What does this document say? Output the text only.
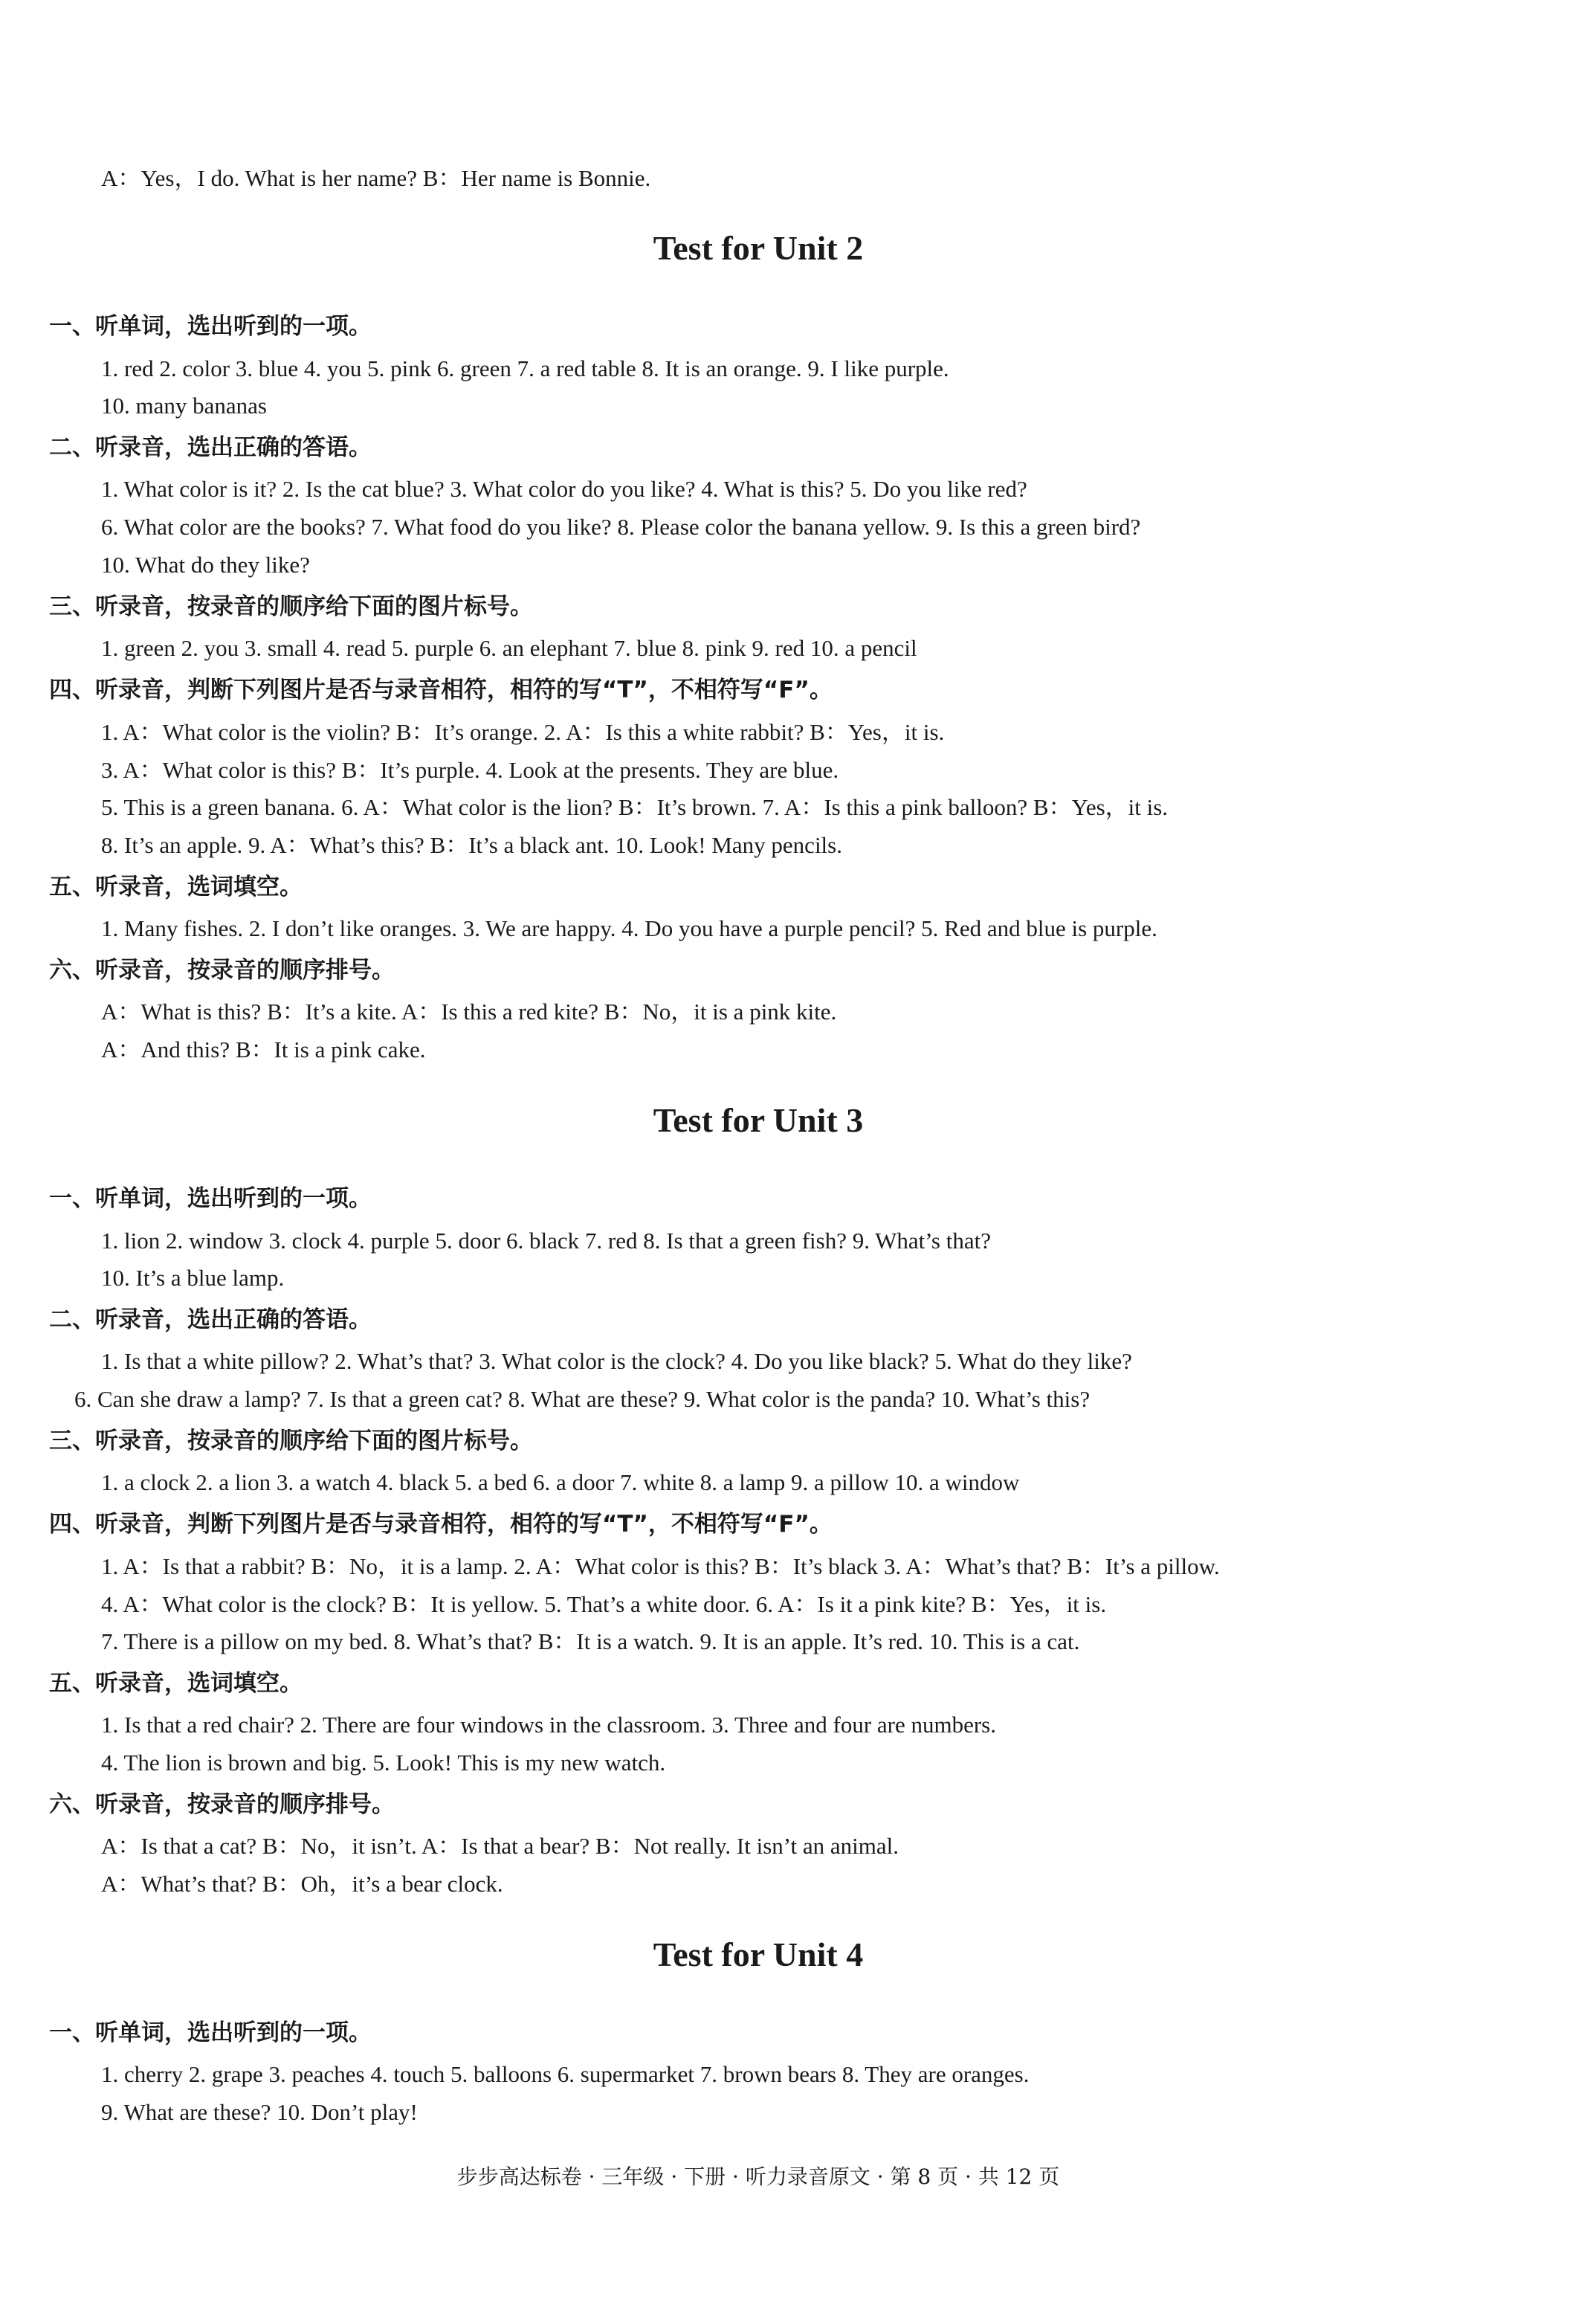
A：Yes，I do. What is her name? B：Her name is Bonnie.
Test for Unit 2
一、听单词，选出听到的一项。
1. red 2. color 3. blue 4. you 5. pink 6. green 7. a red table 8. It is an orange. 9. I like purple.
10. many bananas
二、听录音，选出正确的答语。
1. What color is it? 2. Is the cat blue? 3. What color do you like? 4. What is this? 5. Do you like red?
6. What color are the books? 7. What food do you like? 8. Please color the banana yellow. 9. Is this a green bird?
10. What do they like?
三、听录音，按录音的顺序给下面的图片标号。
1. green 2. you 3. small 4. read 5. purple 6. an elephant 7. blue 8. pink 9. red 10. a pencil
四、听录音，判断下列图片是否与录音相符，相符的写“T”，不相符写“F”。
1. A：What color is the violin? B：It’s orange. 2. A：Is this a white rabbit? B：Yes，it is.
3. A：What color is this? B：It’s purple. 4. Look at the presents. They are blue.
5. This is a green banana. 6. A：What color is the lion? B：It’s brown. 7. A：Is this a pink balloon? B：Yes，it is.
8. It’s an apple. 9. A：What’s this? B：It’s a black ant. 10. Look! Many pencils.
五、听录音，选词填空。
1. Many fishes. 2. I don’t like oranges. 3. We are happy. 4. Do you have a purple pencil? 5. Red and blue is purple.
六、听录音，按录音的顺序排号。
A：What is this? B：It’s a kite. A：Is this a red kite? B：No，it is a pink kite.
A：And this? B：It is a pink cake.
Test for Unit 3
一、听单词，选出听到的一项。
1. lion 2. window 3. clock 4. purple 5. door 6. black 7. red 8. Is that a green fish? 9. What’s that?
10. It’s a blue lamp.
二、听录音，选出正确的答语。
1. Is that a white pillow? 2. What’s that? 3. What color is the clock? 4. Do you like black? 5. What do they like?
6. Can she draw a lamp? 7. Is that a green cat? 8. What are these? 9. What color is the panda? 10. What’s this?
三、听录音，按录音的顺序给下面的图片标号。
1. a clock 2. a lion 3. a watch 4. black 5. a bed 6. a door 7. white 8. a lamp 9. a pillow 10. a window
四、听录音，判断下列图片是否与录音相符，相符的写“T”，不相符写“F”。
1. A：Is that a rabbit? B：No，it is a lamp. 2. A：What color is this? B：It’s black 3. A：What’s that? B：It’s a pillow.
4. A：What color is the clock? B：It is yellow. 5. That’s a white door. 6. A：Is it a pink kite? B：Yes，it is.
7. There is a pillow on my bed. 8. What’s that? B：It is a watch. 9. It is an apple. It’s red. 10. This is a cat.
五、听录音，选词填空。
1. Is that a red chair? 2. There are four windows in the classroom. 3. Three and four are numbers.
4. The lion is brown and big. 5. Look! This is my new watch.
六、听录音，按录音的顺序排号。
A：Is that a cat? B：No，it isn’t. A：Is that a bear? B：Not really. It isn’t an animal.
A：What’s that? B：Oh，it’s a bear clock.
Test for Unit 4
一、听单词，选出听到的一项。
1. cherry 2. grape 3. peaches 4. touch 5. balloons 6. supermarket 7. brown bears 8. They are oranges.
9. What are these? 10. Don’t play!
步步高达标卷 · 三年级 · 下册 · 听力录音原文 · 第 8 页 · 共 12 页
